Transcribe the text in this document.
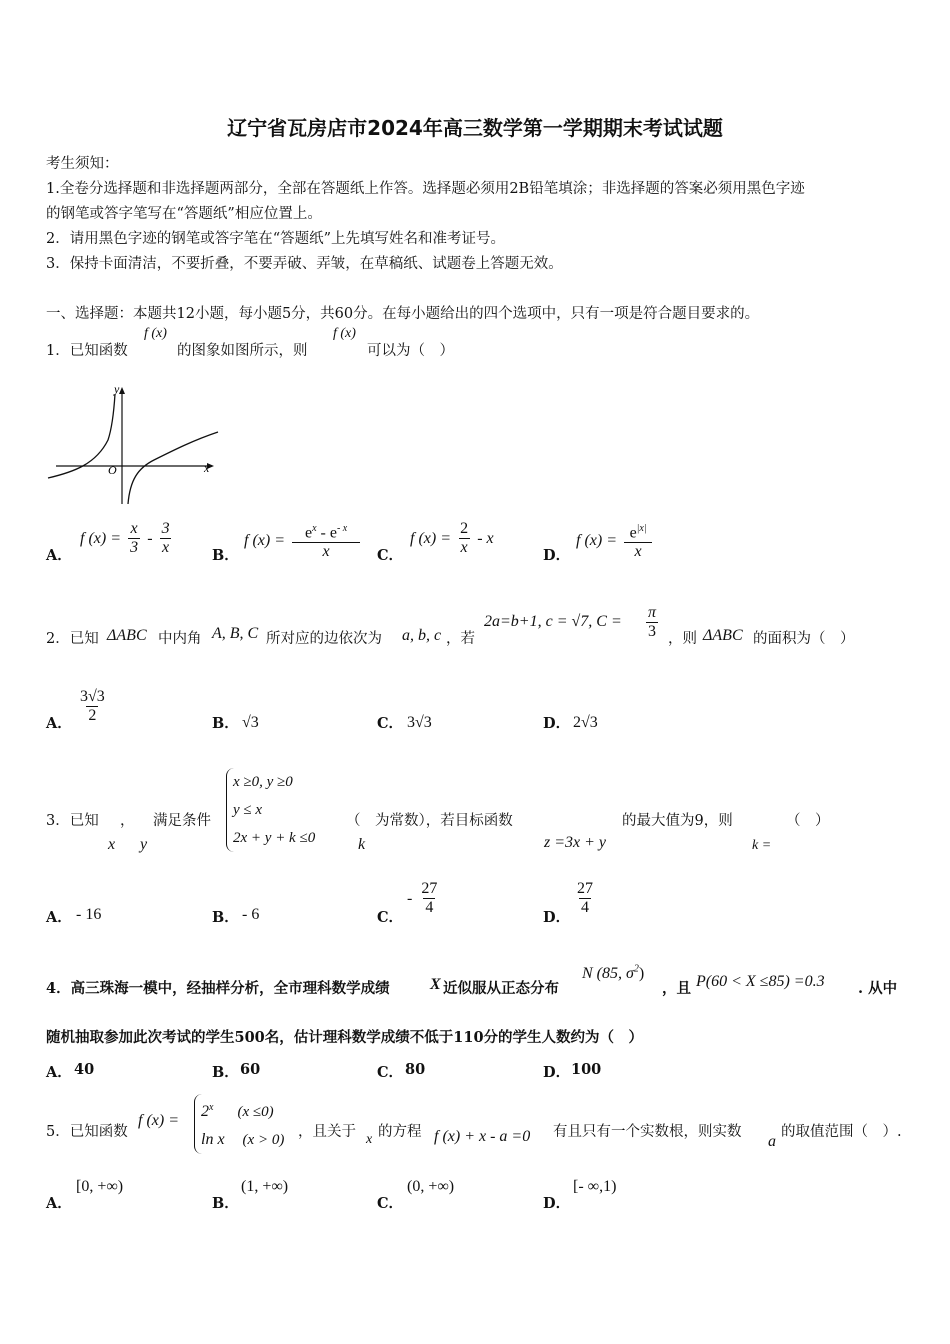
辽宁省瓦房店市2024年高三数学第一学期期末考试试题
考生须知：
1.全卷分选择题和非选择题两部分，全部在答题纸上作答。选择题必须用2B铅笔填涂；非选择题的答案必须用黑色字迹
的钢笔或答字笔写在“答题纸”相应位置上。
2．请用黑色字迹的钢笔或答字笔在“答题纸”上先填写姓名和准考证号。
3．保持卡面清洁，不要折叠，不要弄破、弄皱，在草稿纸、试题卷上答题无效。
一、选择题：本题共12小题，每小题5分，共60分。在每小题给出的四个选项中，只有一项是符合题目要求的。
1．已知函数
f (x)
的图象如图所示，则
f (x)
可以为（　）
y
x
O
A．
f $(x) = \frac{x}{3} - \frac{3}{x}$	B．
f $(x) = \frac{e^x - e^{- x}}{x}$ C．
f $(x) = \frac{2}{x} - x$
D．
f $(x) = \frac{e^{|x|}}{x}$
2．已知 ΔABC 中内角 A, B, C 所对应的边依次为 a, b, c ，若
2a=b+1, c = √7, $C = \frac{\pi}{3}$ ，则 ΔABC 的面积为（　）
A． $\frac{3√3}{2}$	B． √3	C． 3√3	D． 2√3
3．已知 ，
x y
满足条件
x ≥0, y ≥0
y ≤ x
2x + y + k ≤0
（　为常数），若目标函数
k	z =3x + y
的最大值为9，则	（　）
k =
A． - 16	B． - 6	C．
- $\frac{27}{4}$
D．
$\frac{27}{4}$
4．高三珠海一模中，经抽样分析，全市理科数学成绩	X 近似服从正态分布
N (85, $\sigma^2$)
，且 P(60 < X ≤85) =0.3 . 从中
随机抽取参加此次考试的学生500名，估计理科数学成绩不低于110分的学生人数约为（　）
A． 40	B． 60	C． 80	D． 100
5．已知函数
f (x) =
$2^x$ (x ≤0)
ln x (x > 0) ，且关于 x 的方程 f (x) + x - a =0 有且只有一个实数根，则实数
a
的取值范围（　）.
A．
[0, +∞)
B．
(1, +∞)
C．
(0, +∞)
D．
[- ∞,1)
